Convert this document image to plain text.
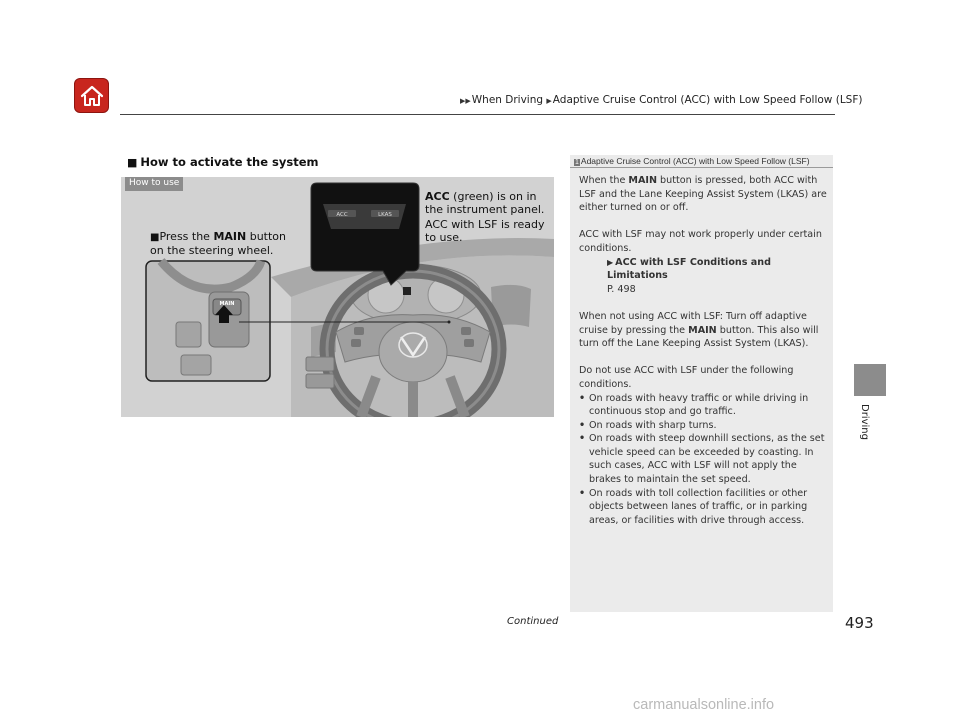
▶▶When Driving ▶Adaptive Cruise Control (ACC) with Low Speed Follow (LSF)
■ How to activate the system
MAIN
ACC	LKAS
How to use

ACC (green) is on in the instrument panel.

ACC with LSF is ready to use.

■Press the MAIN button on the steering wheel.
1 Adaptive Cruise Control (ACC) with Low Speed Follow (LSF)

When the MAIN button is pressed, both ACC with LSF and the Lane Keeping Assist System (LKAS) are either turned on or off.

ACC with LSF may not work properly under certain conditions.

▶ ACC with LSF Conditions and Limitations

P. 498

When not using ACC with LSF: Turn off adaptive cruise by pressing the MAIN button. This also will turn off the Lane Keeping Assist System (LKAS).

Do not use ACC with LSF under the following conditions.

• On roads with heavy traffic or while driving in continuous stop and go traffic.
• On roads with sharp turns.
• On roads with steep downhill sections, as the set vehicle speed can be exceeded by coasting. In such cases, ACC with LSF will not apply the brakes to maintain the set speed.
• On roads with toll collection facilities or other objects between lanes of traffic, or in parking areas, or facilities with drive through access.
Driving
Continued	493
carmanualsonline.info
